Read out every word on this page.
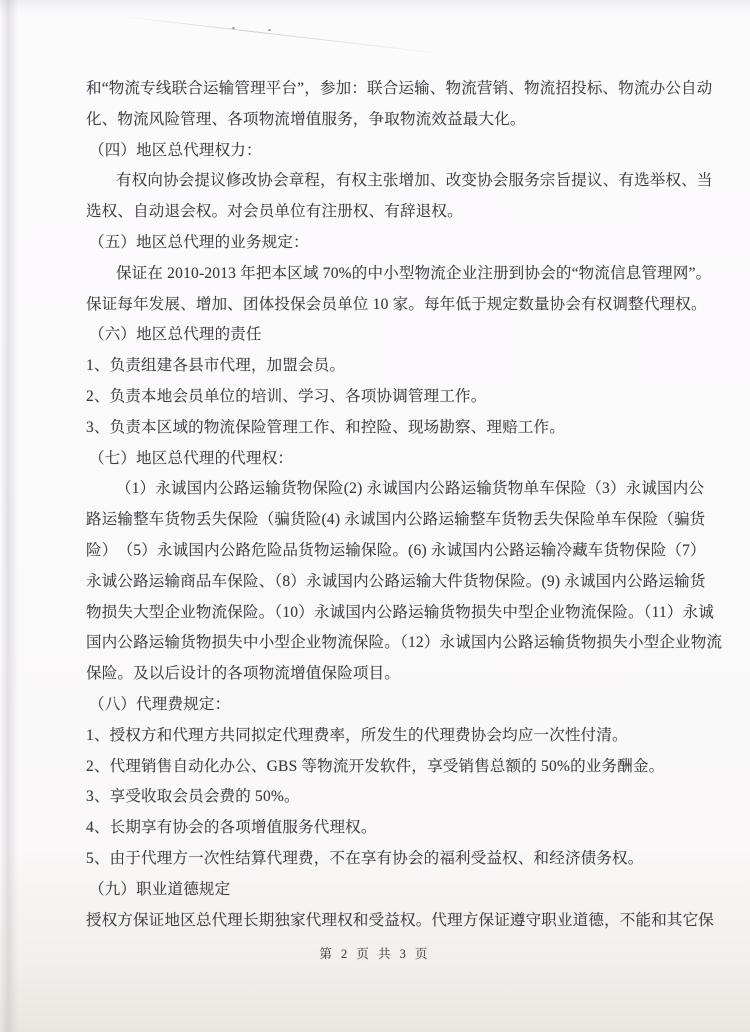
和“物流专线联合运输管理平台”，参加：联合运输、物流营销、物流招投标、物流办公自动
化、物流风险管理、各项物流增值服务，争取物流效益最大化。
（四）地区总代理权力：
有权向协会提议修改协会章程，有权主张增加、改变协会服务宗旨提议、有选举权、当
选权、自动退会权。对会员单位有注册权、有辞退权。
（五）地区总代理的业务规定：
保证在 2010-2013 年把本区域 70%的中小型物流企业注册到协会的“物流信息管理网”。
保证每年发展、增加、团体投保会员单位 10 家。每年低于规定数量协会有权调整代理权。
（六）地区总代理的责任
1、负责组建各县市代理，加盟会员。
2、负责本地会员单位的培训、学习、各项协调管理工作。
3、负责本区域的物流保险管理工作、和控险、现场勘察、理赔工作。
（七）地区总代理的代理权：
（1）永诚国内公路运输货物保险(2) 永诚国内公路运输货物单车保险（3）永诚国内公
路运输整车货物丢失保险（骗货险(4) 永诚国内公路运输整车货物丢失保险单车保险（骗货
险）　（5）永诚国内公路危险品货物运输保险。(6) 永诚国内公路运输冷藏车货物保险（7）
永诚公路运输商品车保险、（8）永诚国内公路运输大件货物保险。(9) 永诚国内公路运输货
物损失大型企业物流保险。（10）永诚国内公路运输货物损失中型企业物流保险。（11）永诚
国内公路运输货物损失中小型企业物流保险。（12）永诚国内公路运输货物损失小型企业物流
保险。及以后设计的各项物流增值保险项目。
（八）代理费规定：
1、授权方和代理方共同拟定代理费率，所发生的代理费协会均应一次性付清。
2、代理销售自动化办公、GBS 等物流开发软件，享受销售总额的 50%的业务酬金。
3、享受收取会员会费的 50%。
4、长期享有协会的各项增值服务代理权。
5、由于代理方一次性结算代理费，不在享有协会的福利受益权、和经济债务权。
（九）职业道德规定
授权方保证地区总代理长期独家代理权和受益权。代理方保证遵守职业道德，不能和其它保
第 2 页 共 3 页
